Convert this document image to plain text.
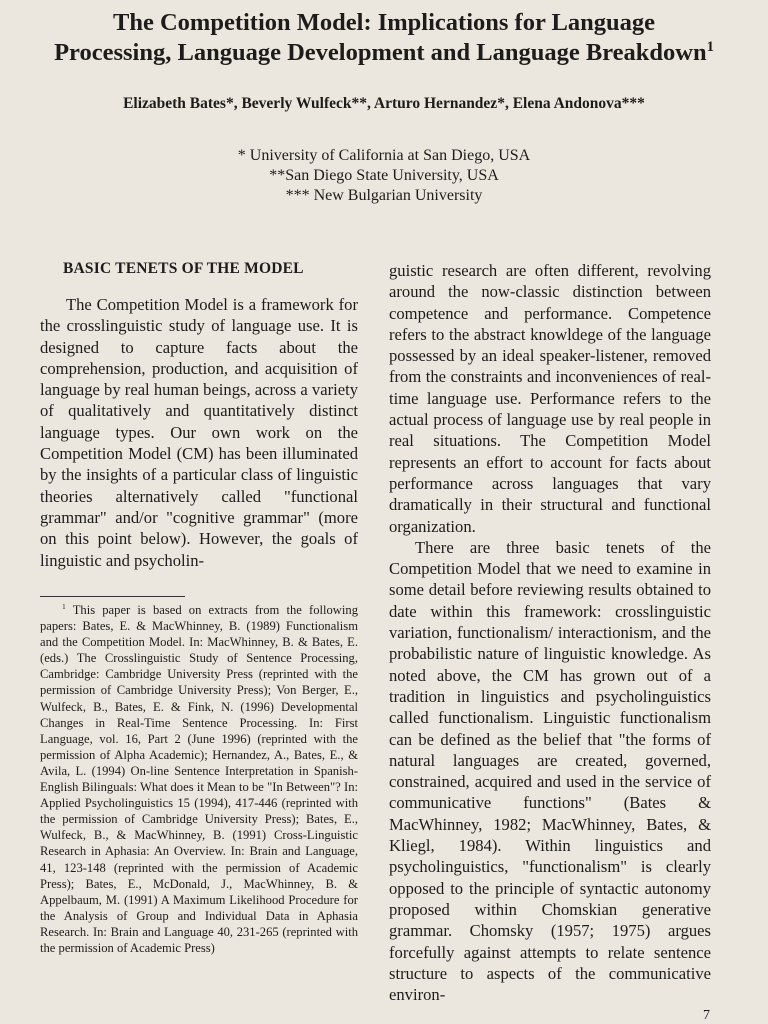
The Competition Model: Implications for Language
Processing, Language Development and Language Breakdown$^1$
Elizabeth Bates*, Beverly Wulfeck**, Arturo Hernandez*, Elena Andonova***
* University of California at San Diego, USA
**San Diego State University, USA
*** New Bulgarian University
BASIC TENETS OF THE MODEL

The Competition Model is a framework for the crosslinguistic study of language use. It is designed to capture facts about the comprehension, production, and acquisition of language by real human beings, across a variety of qualitatively and quantitatively distinct language types. Our own work on the Competition Model (CM) has been illuminated by the insights of a particular class of linguistic theories alternatively called "functional grammar" and/or "cognitive grammar" (more on this point below). However, the goals of linguistic and psycholin-

$^1$ This paper is based on extracts from the following papers: Bates, E. & MacWhinney, B. (1989) Functionalism and the Competition Model. In: MacWhinney, B. & Bates, E. (eds.) The Crosslinguistic Study of Sentence Processing, Cambridge: Cambridge University Press (reprinted with the permission of Cambridge University Press); Von Berger, E., Wulfeck, B., Bates, E. & Fink, N. (1996) Developmental Changes in Real-Time Sentence Processing. In: First Language, vol. 16, Part 2 (June 1996) (reprinted with the permission of Alpha Academic); Hernandez, A., Bates, E., & Avila, L. (1994) On-line Sentence Interpretation in Spanish-English Bilinguals: What does it Mean to be "In Between"? In: Applied Psycholinguistics 15 (1994), 417-446 (reprinted with the permission of Cambridge University Press); Bates, E., Wulfeck, B., & MacWhinney, B. (1991) Cross-Linguistic Research in Aphasia: An Overview. In: Brain and Language, 41, 123-148 (reprinted with the permission of Academic Press); Bates, E., McDonald, J., MacWhinney, B. & Appelbaum, M. (1991) A Maximum Likelihood Procedure for the Analysis of Group and Individual Data in Aphasia Research. In: Brain and Language 40, 231-265 (reprinted with the permission of Academic Press)

guistic research are often different, revolving around the now-classic distinction between competence and performance. Competence refers to the abstract knowldege of the language possessed by an ideal speaker-listener, removed from the constraints and inconveniences of real-time language use. Performance refers to the actual process of language use by real people in real situations. The Competition Model represents an effort to account for facts about performance across languages that vary dramatically in their structural and functional organization.

There are three basic tenets of the Competition Model that we need to examine in some detail before reviewing results obtained to date within this framework: crosslinguistic variation, functionalism/ interactionism, and the probabilistic nature of linguistic knowledge. As noted above, the CM has grown out of a tradition in linguistics and psycholinguistics called functionalism. Linguistic functionalism can be defined as the belief that "the forms of natural languages are created, governed, constrained, acquired and used in the service of communicative functions" (Bates & MacWhinney, 1982; MacWhinney, Bates, & Kliegl, 1984). Within linguistics and psycholinguistics, "functionalism" is clearly opposed to the principle of syntactic autonomy proposed within Chomskian generative grammar. Chomsky (1957; 1975) argues forcefully against attempts to relate sentence structure to aspects of the communicative environ-

7
